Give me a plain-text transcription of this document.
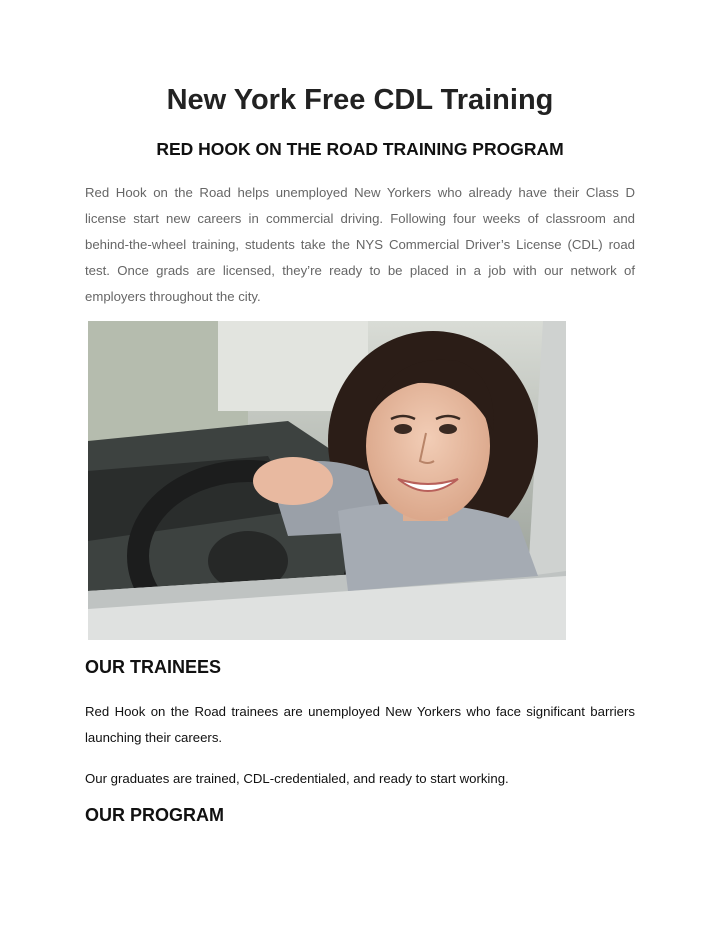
New York Free CDL Training
RED HOOK ON THE ROAD TRAINING PROGRAM

Red Hook on the Road helps unemployed New Yorkers who already have their Class D license start new careers in commercial driving. Following four weeks of classroom and behind-the-wheel training, students take the NYS Commercial Driver’s License (CDL) road test. Once grads are licensed, they’re ready to be placed in a job with our network of employers throughout the city.

OUR TRAINEES

Red Hook on the Road trainees are unemployed New Yorkers who face significant barriers launching their careers.

Our graduates are trained, CDL-credentialed, and ready to start working.

OUR PROGRAM
